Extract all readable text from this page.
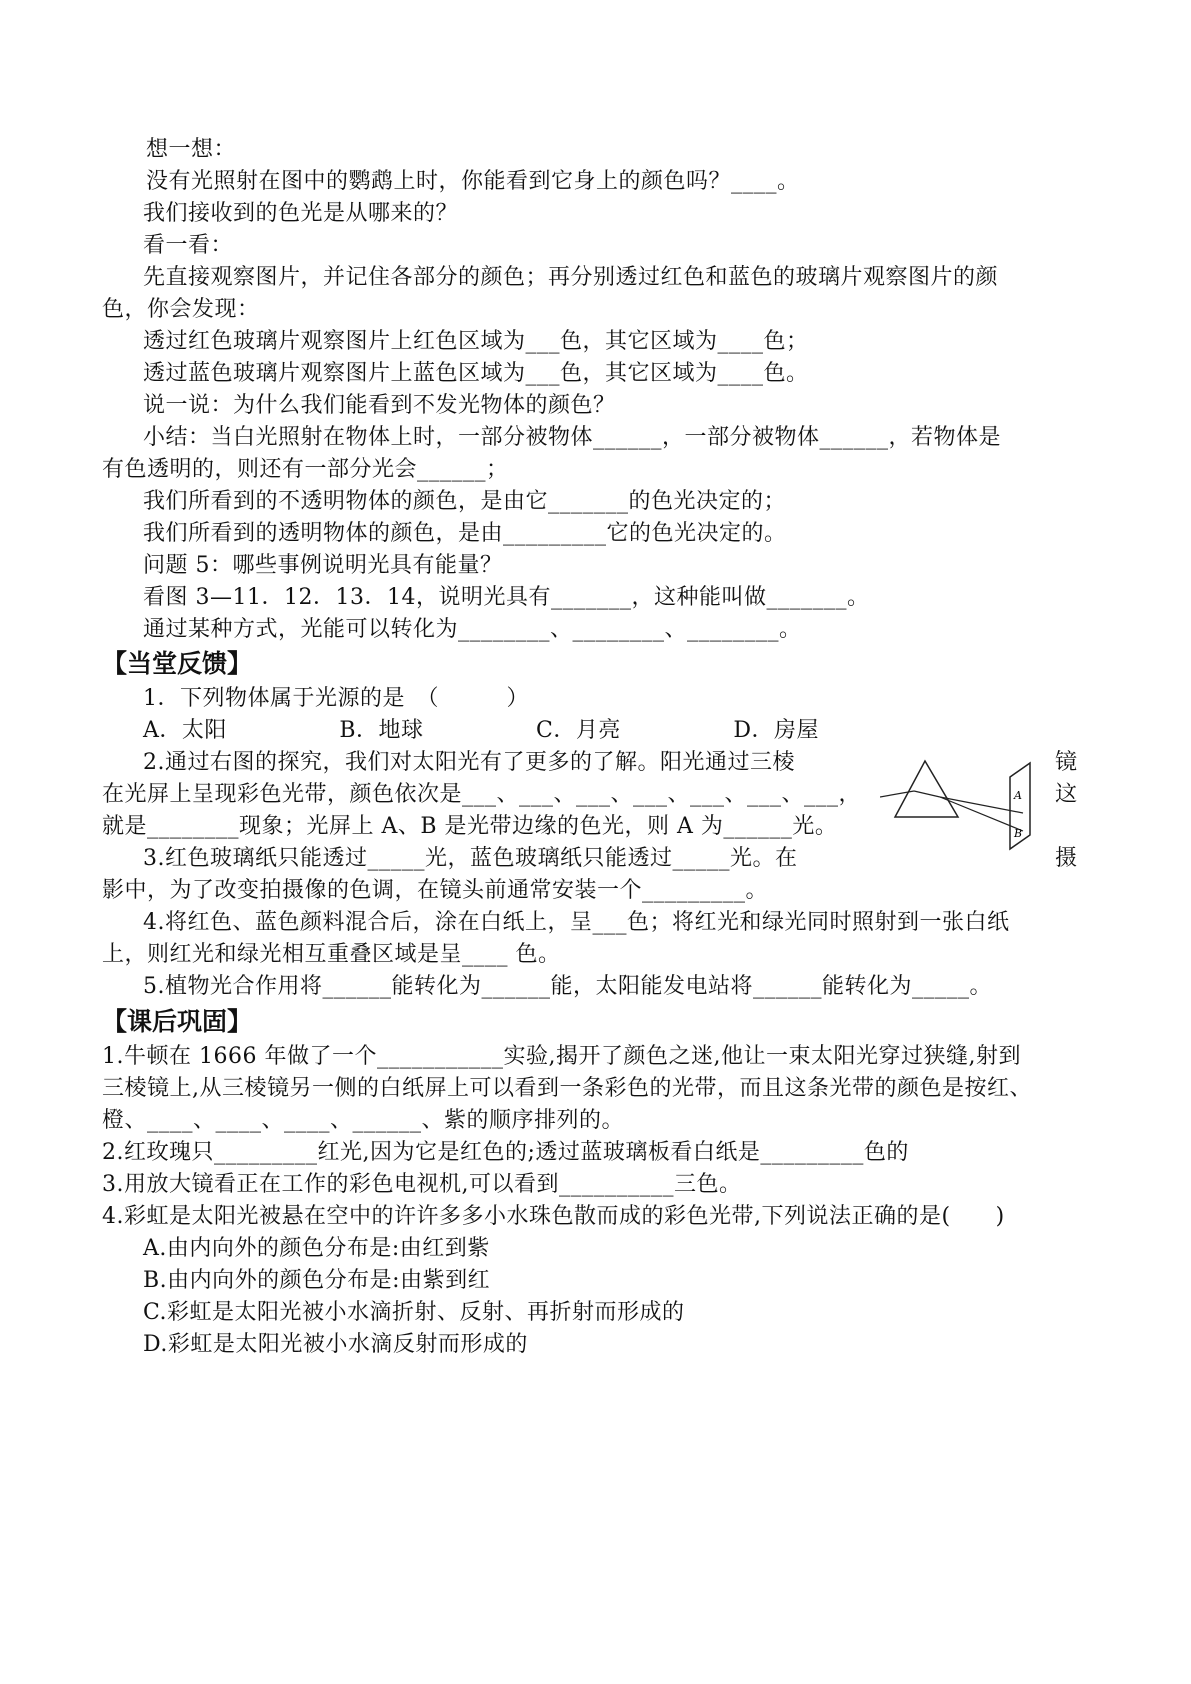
想一想：
没有光照射在图中的鹦鹉上时，你能看到它身上的颜色吗？____。
我们接收到的色光是从哪来的？
看一看：
先直接观察图片，并记住各部分的颜色；再分别透过红色和蓝色的玻璃片观察图片的颜
色，你会发现：
透过红色玻璃片观察图片上红色区域为___色，其它区域为____色；
透过蓝色玻璃片观察图片上蓝色区域为___色，其它区域为____色。
说一说：为什么我们能看到不发光物体的颜色？
小结：当白光照射在物体上时，一部分被物体______，一部分被物体______，若物体是
有色透明的，则还有一部分光会______；
我们所看到的不透明物体的颜色，是由它_______的色光决定的；
我们所看到的透明物体的颜色，是由_________它的色光决定的。
问题 5：哪些事例说明光具有能量？
看图 3—11．12．13．14，说明光具有_______，这种能叫做_______。
通过某种方式，光能可以转化为________、________、________。
【当堂反馈】
1．下列物体属于光源的是　（　　　）
A．太阳　　　　　B．地球　　　　　C．月亮　　　　　D．房屋
2.通过右图的探究，我们对太阳光有了更多的了解。阳光通过三棱
在光屏上呈现彩色光带，颜色依次是___、___、___、___、___、___、___，
就是________现象；光屏上 A、B 是光带边缘的色光，则 A 为______光。
3.红色玻璃纸只能透过_____光，蓝色玻璃纸只能透过_____光。在
影中，为了改变拍摄像的色调，在镜头前通常安装一个_________。
4.将红色、蓝色颜料混合后，涂在白纸上，呈___色；将红光和绿光同时照射到一张白纸
上，则红光和绿光相互重叠区域是呈____ 色。
5.植物光合作用将______能转化为______能，太阳能发电站将______能转化为_____。
镜
这
摄
A
B
【课后巩固】
1.牛顿在 1666 年做了一个___________实验,揭开了颜色之迷,他让一束太阳光穿过狭缝,射到
三棱镜上,从三棱镜另一侧的白纸屏上可以看到一条彩色的光带，而且这条光带的颜色是按红、
橙、____、____、____、______、紫的顺序排列的。
2.红玫瑰只_________红光,因为它是红色的;透过蓝玻璃板看白纸是_________色的
3.用放大镜看正在工作的彩色电视机,可以看到__________三色。
4.彩虹是太阳光被悬在空中的许许多多小水珠色散而成的彩色光带,下列说法正确的是(　　)
A.由内向外的颜色分布是:由红到紫
B.由内向外的颜色分布是:由紫到红
C.彩虹是太阳光被小水滴折射、反射、再折射而形成的
D.彩虹是太阳光被小水滴反射而形成的
